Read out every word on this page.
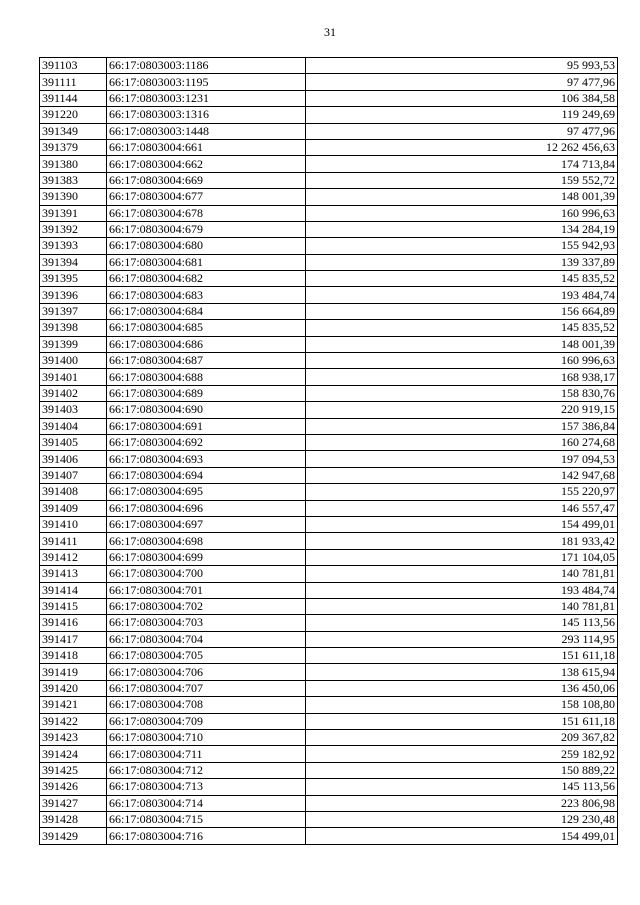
31
391103	66:17:0803003:1186	95 993,53
391111	66:17:0803003:1195	97 477,96
391144	66:17:0803003:1231	106 384,58
391220	66:17:0803003:1316	119 249,69
391349	66:17:0803003:1448	97 477,96
391379	66:17:0803004:661	12 262 456,63
391380	66:17:0803004:662	174 713,84
391383	66:17:0803004:669	159 552,72
391390	66:17:0803004:677	148 001,39
391391	66:17:0803004:678	160 996,63
391392	66:17:0803004:679	134 284,19
391393	66:17:0803004:680	155 942,93
391394	66:17:0803004:681	139 337,89
391395	66:17:0803004:682	145 835,52
391396	66:17:0803004:683	193 484,74
391397	66:17:0803004:684	156 664,89
391398	66:17:0803004:685	145 835,52
391399	66:17:0803004:686	148 001,39
391400	66:17:0803004:687	160 996,63
391401	66:17:0803004:688	168 938,17
391402	66:17:0803004:689	158 830,76
391403	66:17:0803004:690	220 919,15
391404	66:17:0803004:691	157 386,84
391405	66:17:0803004:692	160 274,68
391406	66:17:0803004:693	197 094,53
391407	66:17:0803004:694	142 947,68
391408	66:17:0803004:695	155 220,97
391409	66:17:0803004:696	146 557,47
391410	66:17:0803004:697	154 499,01
391411	66:17:0803004:698	181 933,42
391412	66:17:0803004:699	171 104,05
391413	66:17:0803004:700	140 781,81
391414	66:17:0803004:701	193 484,74
391415	66:17:0803004:702	140 781,81
391416	66:17:0803004:703	145 113,56
391417	66:17:0803004:704	293 114,95
391418	66:17:0803004:705	151 611,18
391419	66:17:0803004:706	138 615,94
391420	66:17:0803004:707	136 450,06
391421	66:17:0803004:708	158 108,80
391422	66:17:0803004:709	151 611,18
391423	66:17:0803004:710	209 367,82
391424	66:17:0803004:711	259 182,92
391425	66:17:0803004:712	150 889,22
391426	66:17:0803004:713	145 113,56
391427	66:17:0803004:714	223 806,98
391428	66:17:0803004:715	129 230,48
391429	66:17:0803004:716	154 499,01
